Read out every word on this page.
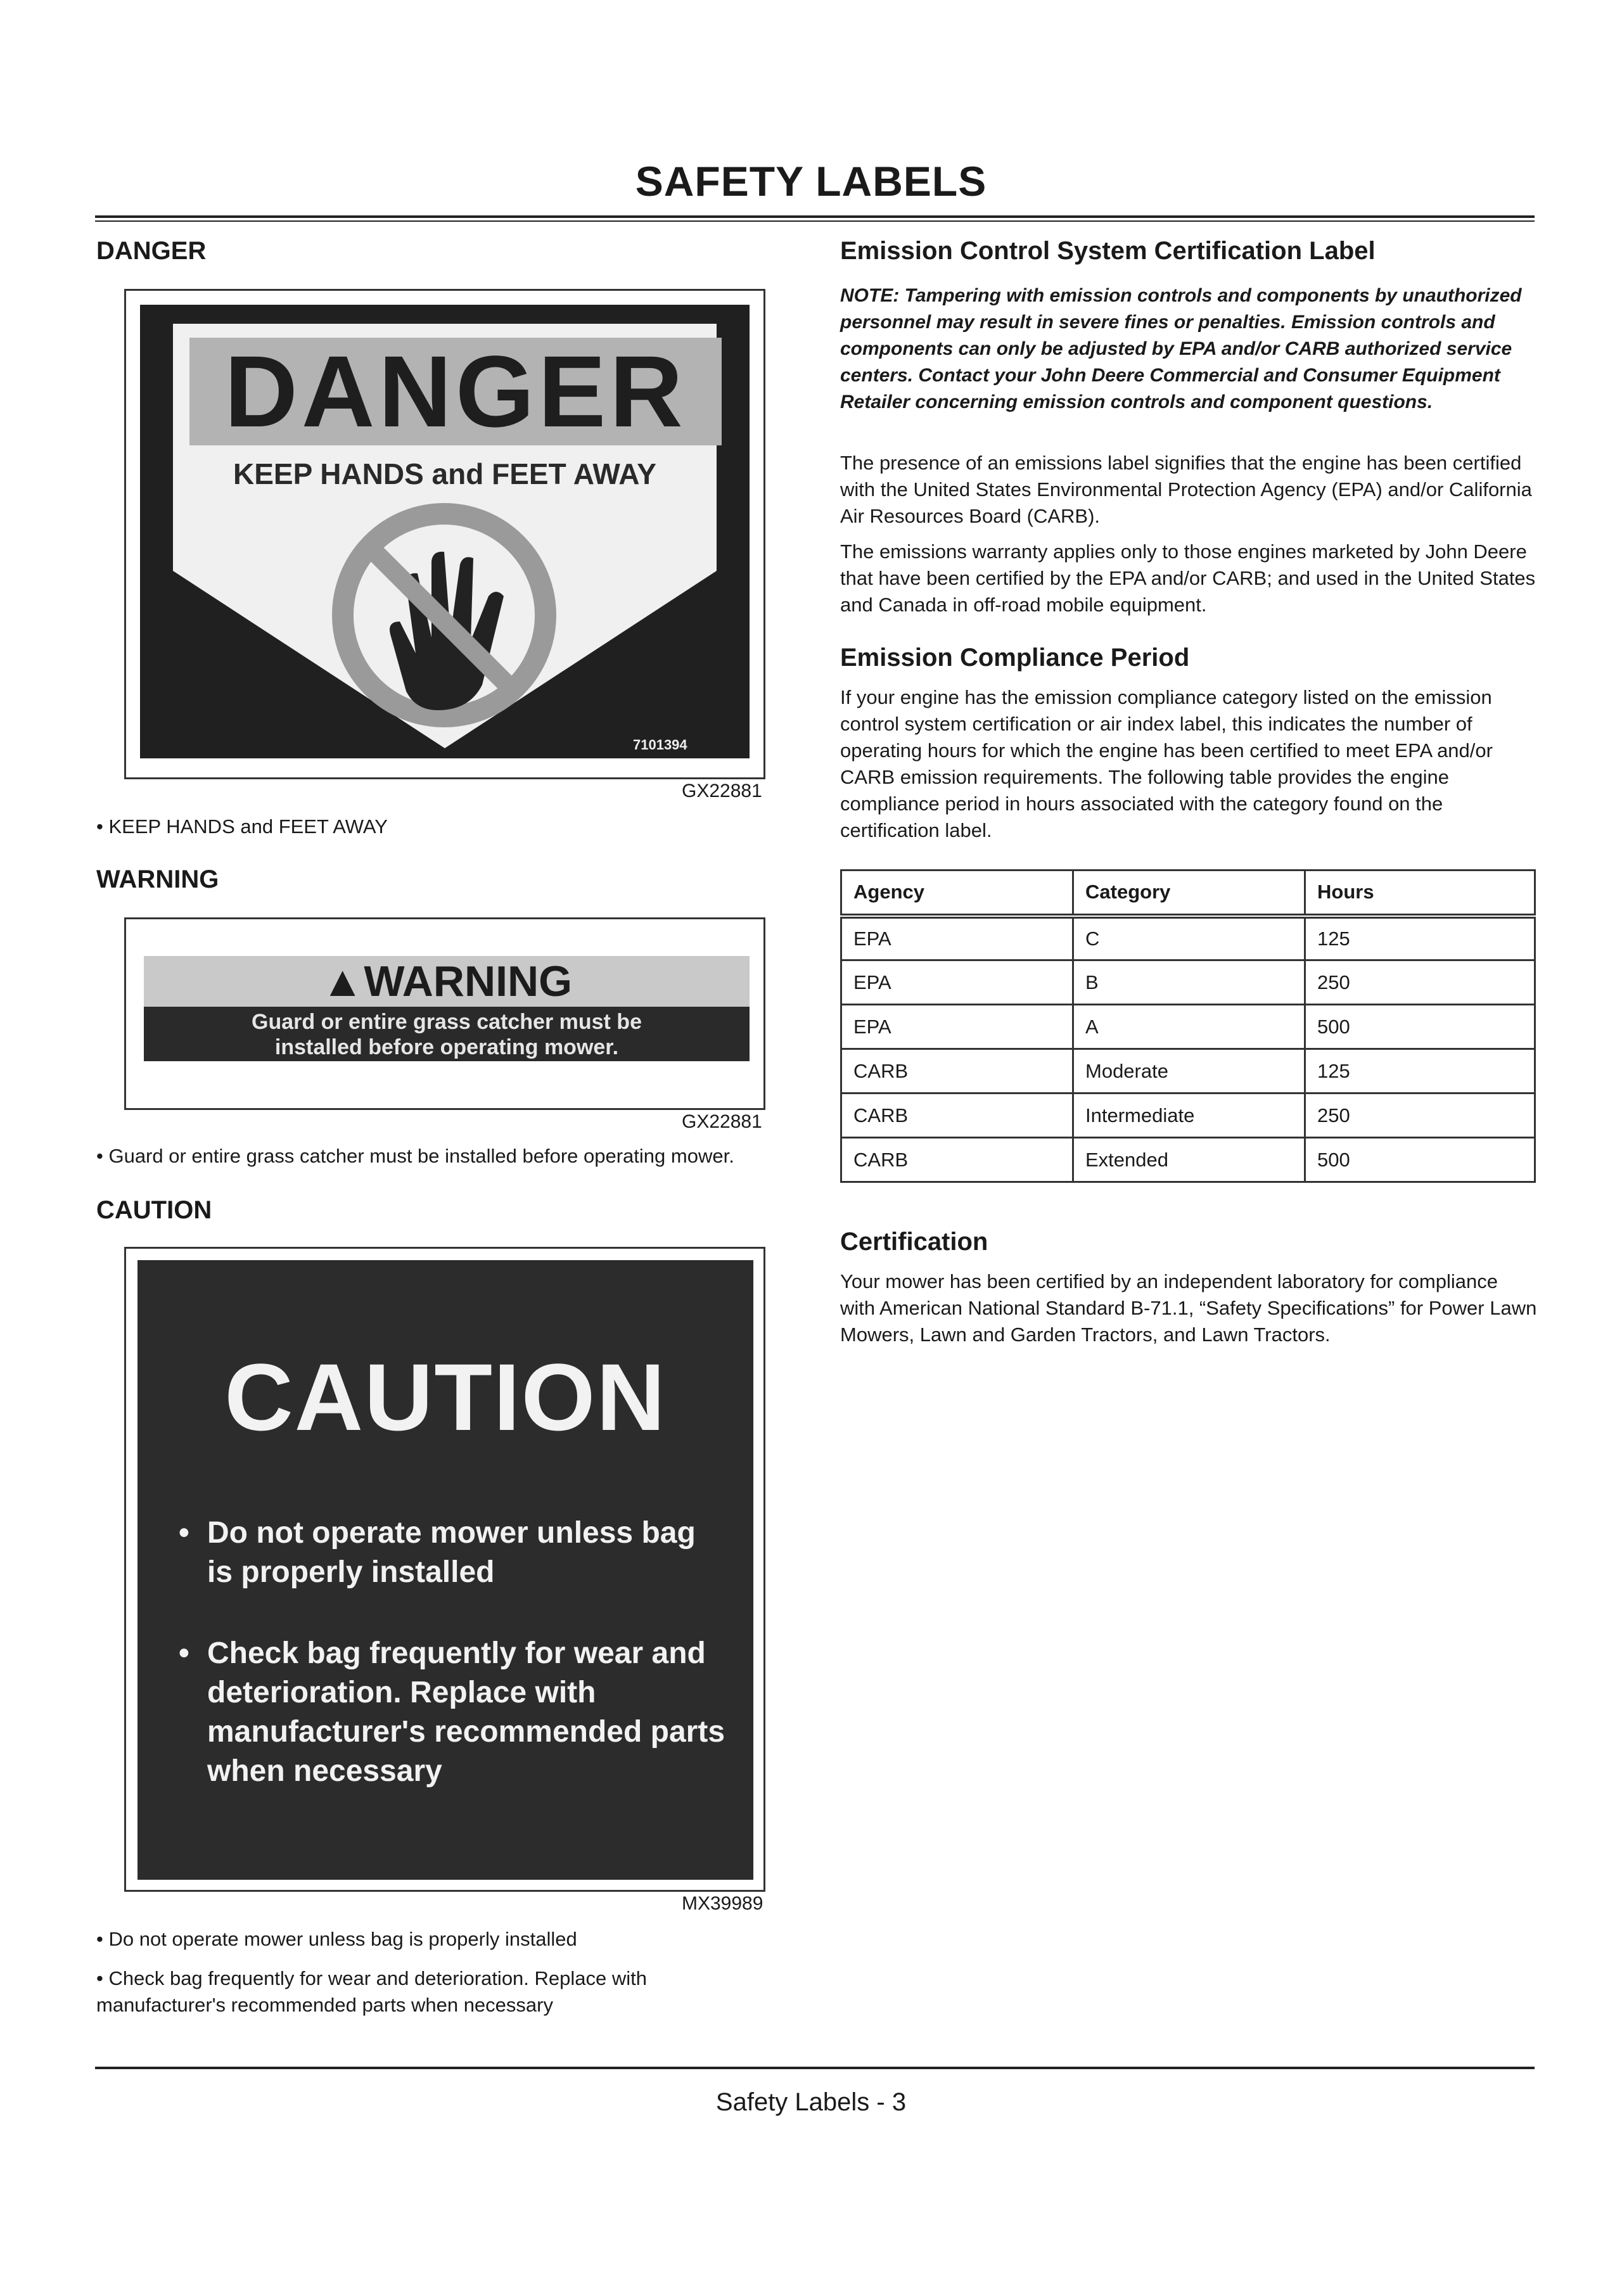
SAFETY LABELS
DANGER
DANGER
KEEP HANDS and FEET AWAY
7101394
GX22881
• KEEP HANDS and FEET AWAY
WARNING
▲WARNING
Guard or entire grass catcher must be
installed before operating mower.
GX22881
• Guard or entire grass catcher must be installed before operating mower.
CAUTION
CAUTION
• Do not operate mower unless bag is properly installed
• Check bag frequently for wear and deterioration. Replace with manufacturer's recommended parts when necessary
MX39989
• Do not operate mower unless bag is properly installed
• Check bag frequently for wear and deterioration. Replace with manufacturer's recommended parts when necessary
Emission Control System Certification Label
NOTE: Tampering with emission controls and components by unauthorized personnel may result in severe fines or penalties. Emission controls and components can only be adjusted by EPA and/or CARB authorized service centers. Contact your John Deere Commercial and Consumer Equipment Retailer concerning emission controls and component questions.
The presence of an emissions label signifies that the engine has been certified with the United States Environmental Protection Agency (EPA) and/or California Air Resources Board (CARB).
The emissions warranty applies only to those engines marketed by John Deere that have been certified by the EPA and/or CARB; and used in the United States and Canada in off-road mobile equipment.
Emission Compliance Period
If your engine has the emission compliance category listed on the emission control system certification or air index label, this indicates the number of operating hours for which the engine has been certified to meet EPA and/or CARB emission requirements. The following table provides the engine compliance period in hours associated with the category found on the certification label.
Agency	Category	Hours
EPA	C	125
EPA	B	250
EPA	A	500
CARB	Moderate	125
CARB	Intermediate	250
CARB	Extended	500
Certification
Your mower has been certified by an independent laboratory for compliance with American National Standard B-71.1, “Safety Specifications” for Power Lawn Mowers, Lawn and Garden Tractors, and Lawn Tractors.
Safety Labels - 3
